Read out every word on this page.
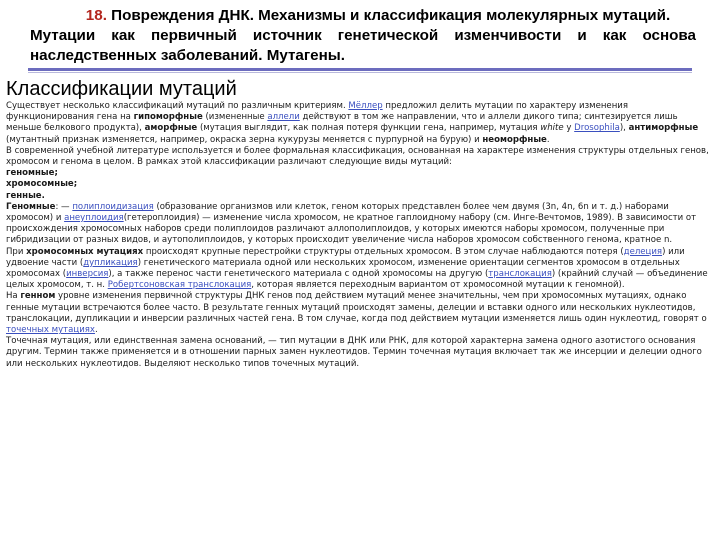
18. Повреждения ДНК. Механизмы и классификация молекулярных мутаций.
Мутации как первичный источник генетической изменчивости и как основа наследственных заболеваний. Мутагены.
Классификации мутаций

Существует несколько классификаций мутаций по различным критериям. Мёллер предложил делить мутации по характеру изменения функционирования гена на гипоморфные (измененные аллели действуют в том же направлении, что и аллели дикого типа; синтезируется лишь меньше белкового продукта), аморфные (мутация выглядит, как полная потеря функции гена, например, мутация white у Drosophila), антиморфные (мутантный признак изменяется, например, окраска зерна кукурузы меняется с пурпурной на бурую) и неоморфные.

В современной учебной литературе используется и более формальная классификация, основанная на характере изменения структуры отдельных генов, хромосом и генома в целом. В рамках этой классификации различают следующие виды мутаций:

геномные;

хромосомные;

генные.

Геномные: — полиплоидизация (образование организмов или клеток, геном которых представлен более чем двумя (3n, 4n, 6n и т. д.) наборами хромосом) и анеуплоидия(гетероплоидия) — изменение числа хромосом, не кратное гаплоидному набору (см. Инге-Вечтомов, 1989). В зависимости от происхождения хромосомных наборов среди полиплоидов различают аллополиплоидов, у которых имеются наборы хромосом, полученные при гибридизации от разных видов, и аутополиплоидов, у которых происходит увеличение числа наборов хромосом собственного генома, кратное n.

При хромосомных мутациях происходят крупные перестройки структуры отдельных хромосом. В этом случае наблюдаются потеря (делеция) или удвоение части (дупликация) генетического материала одной или нескольких хромосом, изменение ориентации сегментов хромосом в отдельных хромосомах (инверсия), а также перенос части генетического материала с одной хромосомы на другую (транслокация) (крайний случай — объединение целых хромосом, т. н. Робертсоновская транслокация, которая является переходным вариантом от хромосомной мутации к геномной).

На генном уровне изменения первичной структуры ДНК генов под действием мутаций менее значительны, чем при хромосомных мутациях, однако генные мутации встречаются более часто. В результате генных мутаций происходят замены, делеции и вставки одного или нескольких нуклеотидов, транслокации, дупликации и инверсии различных частей гена. В том случае, когда под действием мутации изменяется лишь один нуклеотид, говорят о точечных мутациях.

Точечная мутация, или единственная замена оснований, — тип мутации в ДНК или РНК, для которой характерна замена одного азотистого основания другим. Термин также применяется и в отношении парных замен нуклеотидов. Термин точечная мутация включает так же инсерции и делеции одного или нескольких нуклеотидов. Выделяют несколько типов точечных мутаций.
